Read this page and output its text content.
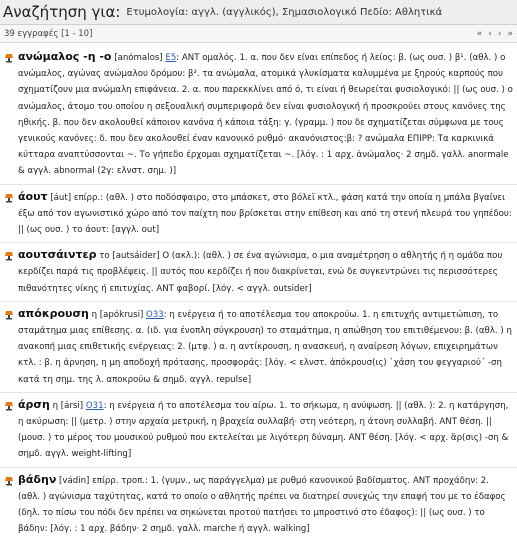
Αναζήτηση για: Ετυμολογία: αγγλ. (αγγλικός), Σημασιολογικό Πεδίο: Αθλητικά
39 εγγραφές [1 - 10]	« ‹ › »
ανώμαλος -η -ο [anómalos] E5: ANT ομαλός. 1. α. που δεν είναι επίπεδος ή λείος: β. (ως ουσ. ) β¹. (αθλ. ) ο ανώμαλος, αγώνας ανώμαλου δρόμου: β². τα ανώμαλα, ατομικά γλυκίσματα καλυμμένα με ξηρούς καρπούς που σχηματίζουν μια ανώμαλη επιφάνεια. 2. α. που παρεκκλίνει από ό, τι είναι ή θεωρείται φυσιολογικό: || (ως ουσ. ) ο ανώμαλος, άτομο του οποίου η σεξουαλική συμπεριφορά δεν είναι φυσιολογική ή προσκρούει στους κανόνες της ηθικής. β. που δεν ακολουθεί κάποιον κανόνα ή κάποια τάξη: γ. (γραμμ. ) που δε σχηματίζεται σύμφωνα με τους γενικούς κανόνες: δ. που δεν ακολουθεί έναν κανονικό ρυθμό· ακανόνιστος:β: ? ανώμαλα ΕΠΙΡΡ: Τα καρκινικά κύτταρα αναπτύσσονται ~. Το γήπεδο έρχομαι σχηματίζεται ~. [λόγ. : 1 αρχ. ἀνώμαλος· 2 σημδ. γαλλ. anormale & αγγλ. abnormal (2γ: ελνστ. σημ. )]
άουτ [áut] επίρρ.: (αθλ. ) στο ποδόσφαιρο, στο μπάσκετ, στο βόλεϊ κτλ., φάση κατά την οποία η μπάλα βγαίνει έξω από τον αγωνιστικό χώρο από τον παίχτη που βρίσκεται στην επίθεση και από τη στενή πλευρά του γηπέδου: || (ως ουσ. ) το άουτ: [αγγλ. out]
αουτσάιντερ το [autsáider] Ο (ακλ.): (αθλ. ) σε ένα αγώνισμα, ο μια αναμέτρηση ο αθλητής ή η ομάδα που κερδίζει παρά τις προβλέψεις. || αυτός που κερδίζει ή που διακρίνεται, ενώ δε συγκεντρώνει τις περισσότερες πιθανότητες νίκης ή επιτυχίας. ANT φαβορί. [λόγ. < αγγλ. outsider]
απόκρουση η [apókrusi] O33: η ενέργεια ή το αποτέλεσμα του αποκρούω. 1. η επιτυχής αντιμετώπιση, το σταμάτημα μιας επίθεσης. α. (ιδ. για ένοπλη σύγκρουση) το σταμάτημα, η απώθηση του επιτιθέμενου: β. (αθλ. ) η ανακοπή μιας επιθετικής ενέργειας: 2. (μτφ. ) α. η αντίκρουση, η ανασκευή, η αναίρεση λόγων, επιχειρημάτων κτλ. : β. η άρνηση, η μη αποδοχή πρότασης, προσφοράς: [λόγ. < ελνστ. ἀπόκρουσ(ις) `χάση του φεγγαριού΄ -ση κατά τη σημ. της λ. αποκρούω & σημδ. αγγλ. repulse]
άρση η [ársi] O31: η ενέργεια ή το αποτέλεσμα του αίρω. 1. το σήκωμα, η ανύψωση. || (αθλ. ): 2. η κατάργηση, η ακύρωση: || (μετρ. ) στην αρχαία μετρική, η βραχεία συλλαβή· στη νεότερη, η άτονη συλλαβή. ANT θέση. || (μουσ. ) το μέρος του μουσικού ρυθμού που εκτελείται με λιγότερη δύναμη. ANT θέση. [λόγ. < αρχ. ἄρ(σις) -ση & σημδ. αγγλ. weight-lifting]
βάδην [vádin] επίρρ. τροπ.: 1. (γυμν., ως παράγγελμα) με ρυθμό κανονικού βαδίσματος. ANT προχάδην: 2. (αθλ. ) αγώνισμα ταχύτητας, κατά το οποίο ο αθλητής πρέπει να διατηρεί συνεχώς την επαφή του με το έδαφος (δηλ. το πίσω του πόδι δεν πρέπει να σηκώνεται προτού πατήσει το μπροστινό στο έδαφος): || (ως ουσ. ) το βάδην: [λόγ. : 1 αρχ. βάδην· 2 σημδ. γαλλ. marche ή αγγλ. walking]
